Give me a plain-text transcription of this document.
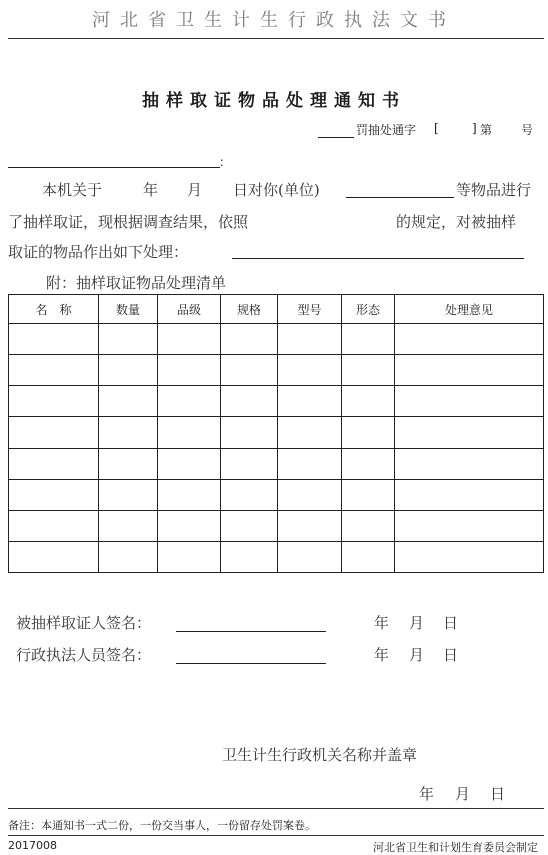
河北省卫生计生行政执法文书
抽样取证物品处理通知书
罚抽处通字 [	] 第 号
：
本机关于	年 月 日对你(单位)	等物品进行
了抽样取证，现根据调查结果，依照	的规定，对被抽样
取证的物品作出如下处理：
附：抽样取证物品处理清单
名　称	数量	品级	规格	型号	形态	处理意见

被抽样取证人签名：	年 月 日
行政执法人员签名：	年 月 日
卫生计生行政机关名称并盖章
年 月 日
备注：本通知书一式二份，一份交当事人，一份留存处罚案卷。
2017008	河北省卫生和计划生育委员会制定
